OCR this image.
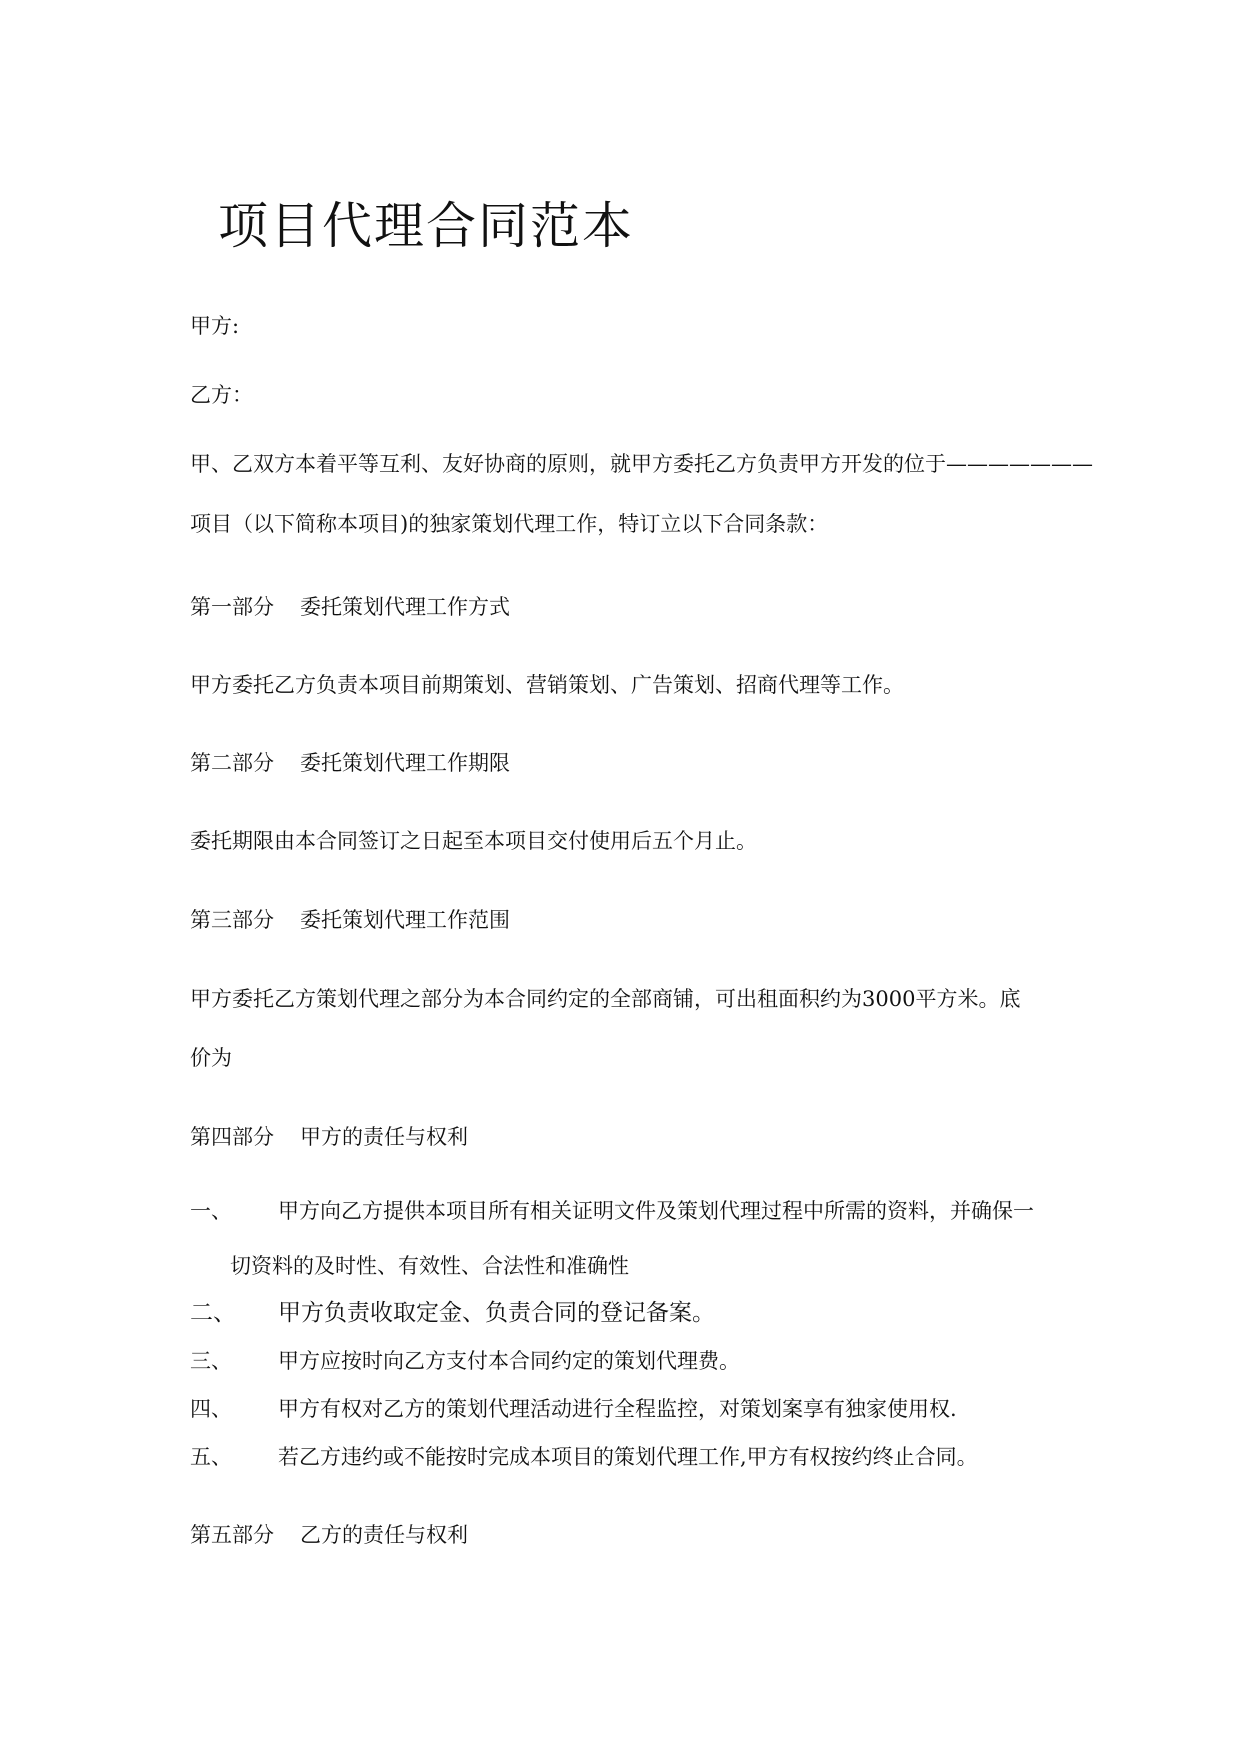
项目代理合同范本
甲方:
乙方：
甲、乙双方本着平等互利、友好协商的原则，就甲方委托乙方负责甲方开发的位于———————
项目（以下简称本项目)的独家策划代理工作，特订立以下合同条款：
第一部分 委托策划代理工作方式
甲方委托乙方负责本项目前期策划、营销策划、广告策划、招商代理等工作。
第二部分 委托策划代理工作期限
委托期限由本合同签订之日起至本项目交付使用后五个月止。
第三部分 委托策划代理工作范围
甲方委托乙方策划代理之部分为本合同约定的全部商铺，可出租面积约为3000平方米。底
价为
第四部分 甲方的责任与权利
一、 甲方向乙方提供本项目所有相关证明文件及策划代理过程中所需的资料，并确保一
切资料的及时性、有效性、合法性和准确性
二、 甲方负责收取定金、负责合同的登记备案。
三、 甲方应按时向乙方支付本合同约定的策划代理费。
四、 甲方有权对乙方的策划代理活动进行全程监控，对策划案享有独家使用权.
五、 若乙方违约或不能按时完成本项目的策划代理工作,甲方有权按约终止合同。
第五部分 乙方的责任与权利
